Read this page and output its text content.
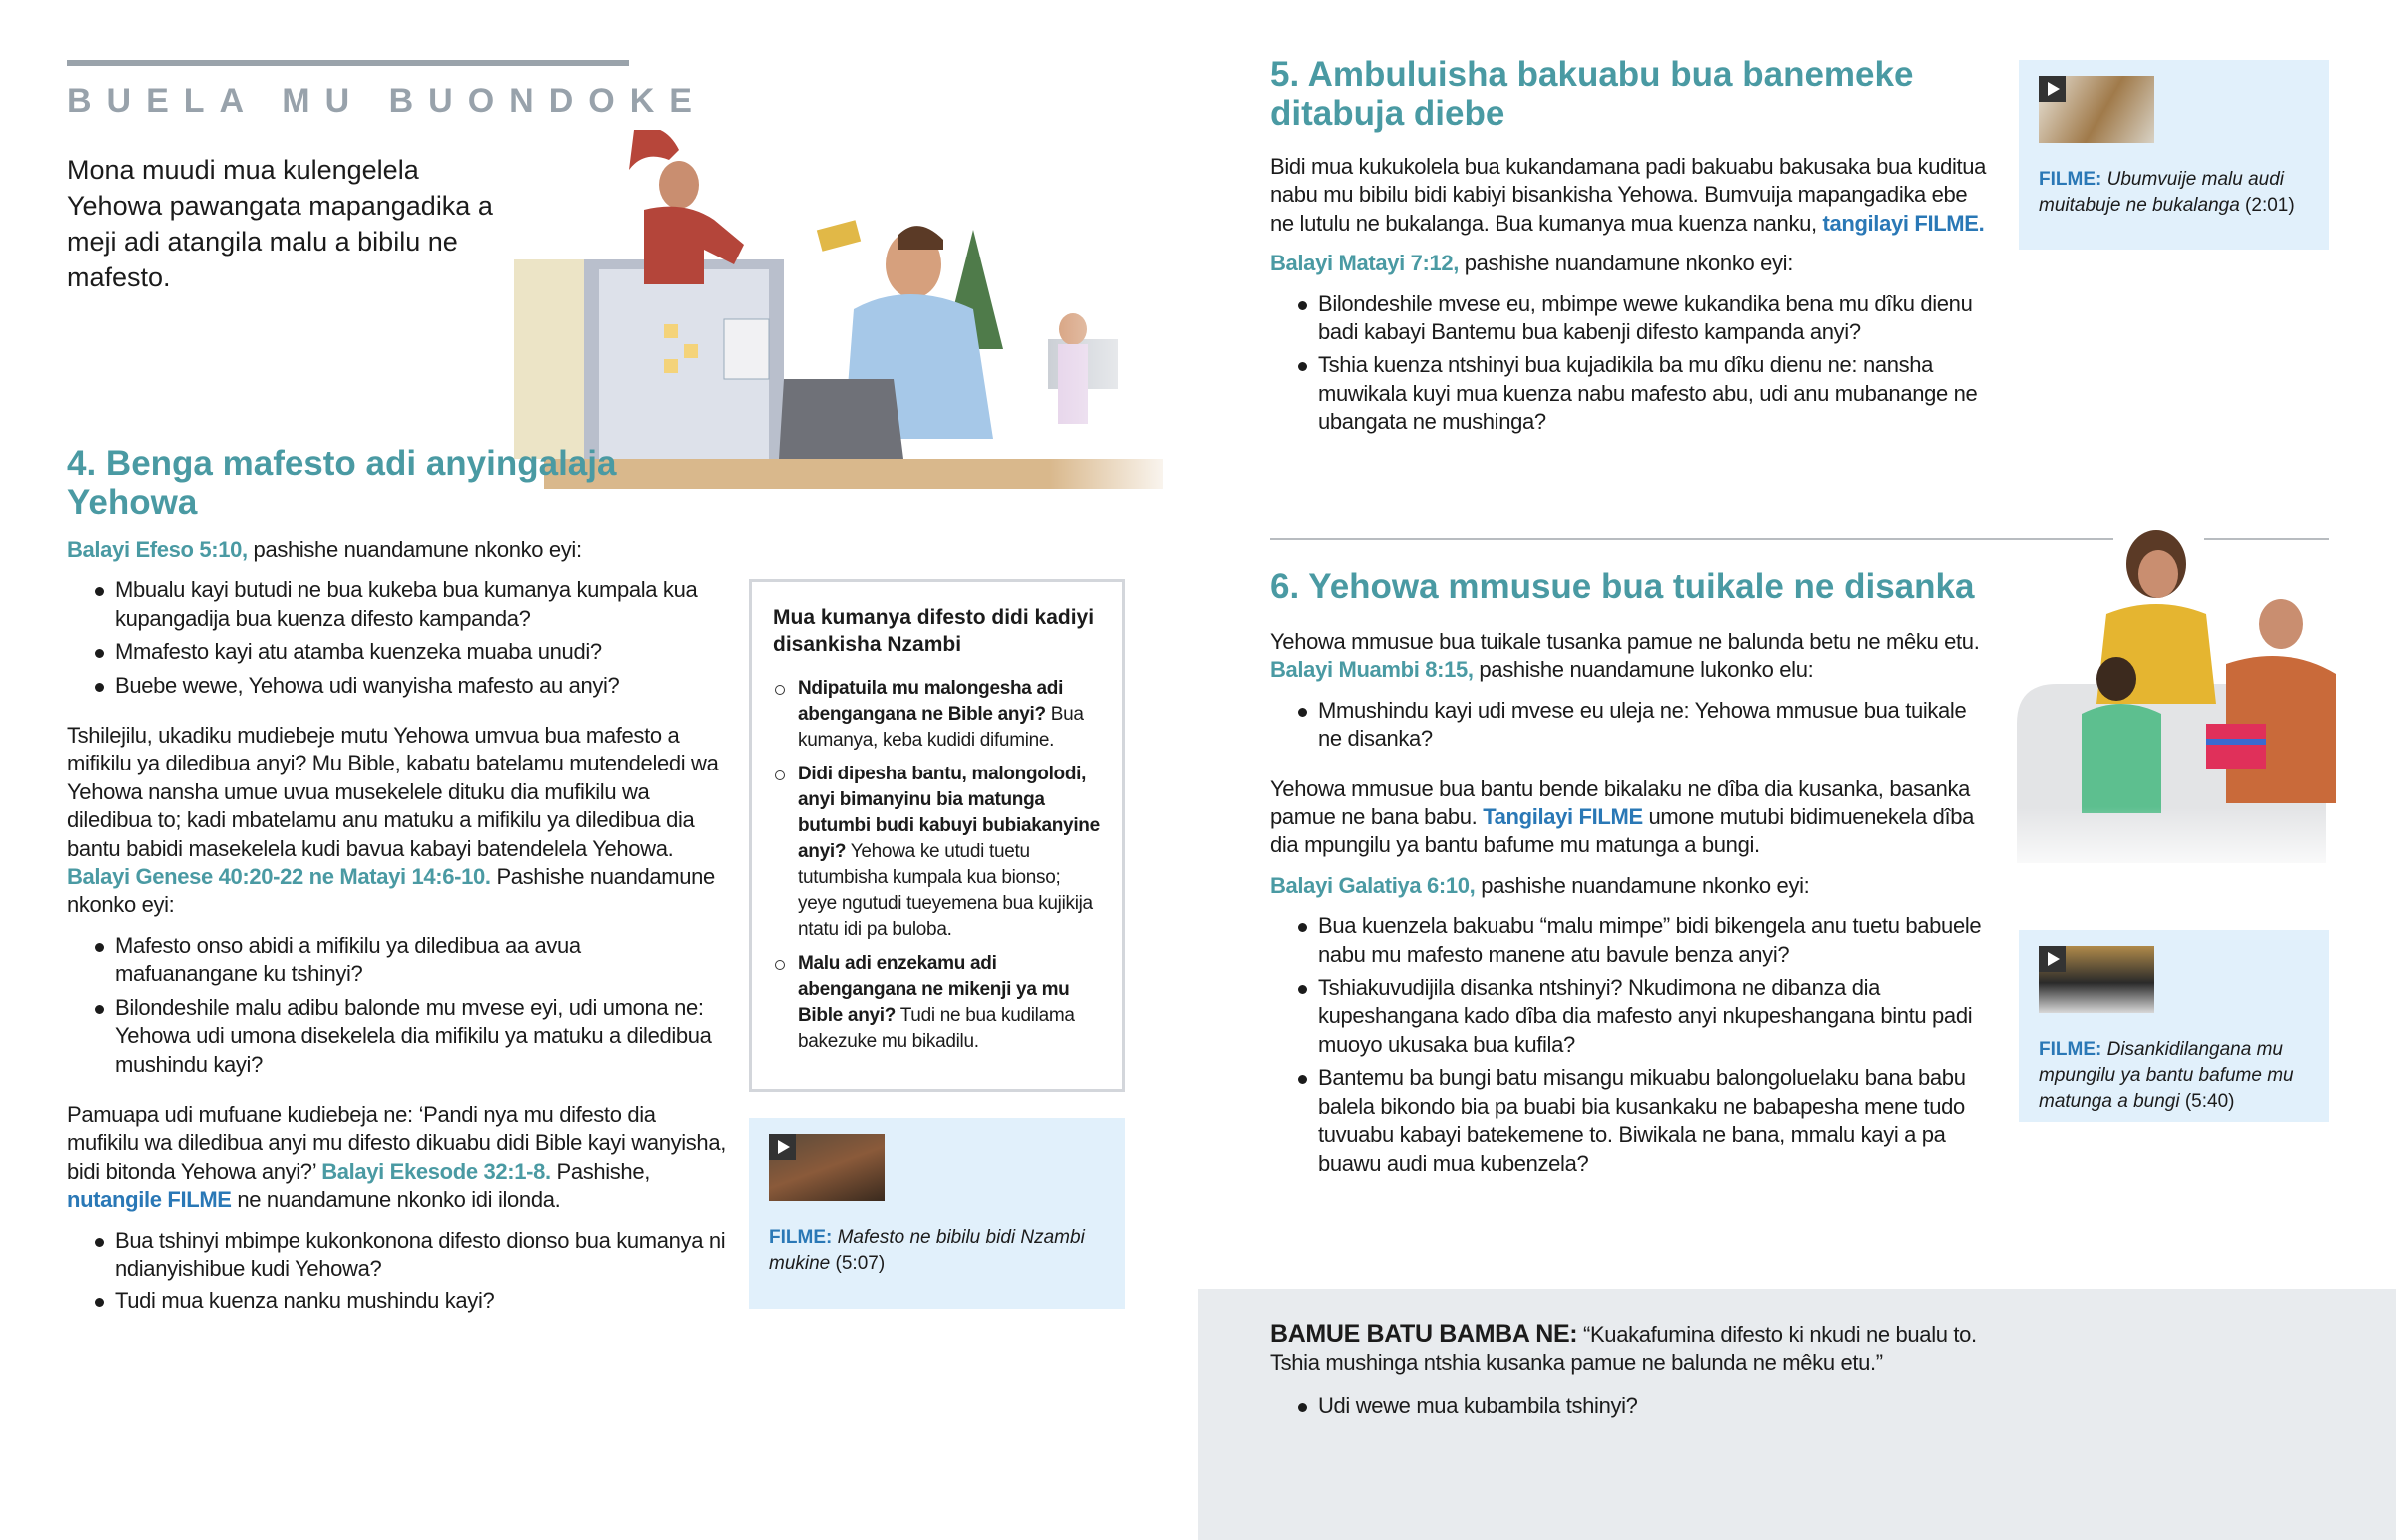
BUELA MU BUONDOKE
Mona muudi mua kulengelela Yehowa pawangata mapangadika a meji adi atangila malu a bibilu ne mafesto.
4. Benga mafesto adi anyingalaja Yehowa

Balayi Efeso 5:10, pashishe nuandamune nkonko eyi:

Mbualu kayi butudi ne bua kukeba bua kumanya kumpala kua kupangadija bua kuenza difesto kampanda?
Mmafesto kayi atu atamba kuenzeka muaba unudi?
Buebe wewe, Yehowa udi wanyisha mafesto au anyi?

Tshilejilu, ukadiku mudiebeje mutu Yehowa umvua bua mafesto a mifikilu ya diledibua anyi? Mu Bible, kabatu batelamu mutendeledi wa Yehowa nansha umue uvua musekelele dituku dia mufikilu wa diledibua to; kadi mbatelamu anu matuku a mifikilu ya diledibua dia bantu babidi masekelela kudi bavua kabayi batendelela Yehowa. Balayi Genese 40:20-22 ne Matayi 14:6-10. Pashishe nuandamune nkonko eyi:

Mafesto onso abidi a mifikilu ya diledibua aa avua mafuanangane ku tshinyi?
Bilondeshile malu adibu balonde mu mvese eyi, udi umona ne: Yehowa udi umona disekelela dia mifikilu ya matuku a diledibua mushindu kayi?

Pamuapa udi mufuane kudiebeja ne: ‘Pandi nya mu difesto dia mufikilu wa diledibua anyi mu difesto dikuabu didi Bible kayi wanyisha, bidi bitonda Yehowa anyi?’ Balayi Ekesode 32:1-8. Pashishe, nutangile FILME ne nuandamune nkonko idi ilonda.

Bua tshinyi mbimpe kukonkonona difesto dionso bua kumanya ni ndianyishibue kudi Yehowa?
Tudi mua kuenza nanku mushindu kayi?
Mua kumanya difesto didi kadiyi disankisha Nzambi
Ndipatuila mu malongesha adi abengangana ne Bible anyi? Bua kumanya, keba kudidi difumine.
Didi dipesha bantu, malongolodi, anyi bimanyinu bia matunga butumbi budi kabuyi bubiakanyine anyi? Yehowa ke utudi tuetu tutumbisha kumpala kua bionso; yeye ngutudi tueyemena bua kujikija ntatu idi pa buloba.
Malu adi enzekamu adi abengangana ne mikenji ya mu Bible anyi? Tudi ne bua kudilama bakezuke mu bikadilu.
FILME: Mafesto ne bibilu bidi Nzambi mukine (5:07)
5. Ambuluisha bakuabu bua banemeke ditabuja diebe

Bidi mua kukukolela bua kukandamana padi bakuabu bakusaka bua kuditua nabu mu bibilu bidi kabiyi bisankisha Yehowa. Bumvuija mapangadika ebe ne lutulu ne bukalanga. Bua kumanya mua kuenza nanku, tangilayi FILME.

Balayi Matayi 7:12, pashishe nuandamune nkonko eyi:

Bilondeshile mvese eu, mbimpe wewe kukandika bena mu dîku dienu badi kabayi Bantemu bua kabenji difesto kampanda anyi?
Tshia kuenza ntshinyi bua kujadikila ba mu dîku dienu ne: nansha muwikala kuyi mua kuenza nabu mafesto abu, udi anu mubanange ne ubangata ne mushinga?
FILME: Ubumvuije malu audi muitabuje ne bukalanga (2:01)
6. Yehowa mmusue bua tuikale ne disanka

Yehowa mmusue bua tuikale tusanka pamue ne balunda betu ne mêku etu. Balayi Muambi 8:15, pashishe nuandamune lukonko elu:

Mmushindu kayi udi mvese eu uleja ne: Yehowa mmusue bua tuikale ne disanka?

Yehowa mmusue bua bantu bende bikalaku ne dîba dia kusanka, basanka pamue ne bana babu. Tangilayi FILME umone mutubi bidimuenekela dîba dia mpungilu ya bantu bafume mu matunga a bungi.

Balayi Galatiya 6:10, pashishe nuandamune nkonko eyi:

Bua kuenzela bakuabu “malu mimpe” bidi bikengela anu tuetu babuele nabu mu mafesto manene atu bavule benza anyi?
Tshiakuvudijila disanka ntshinyi? Nkudimona ne dibanza dia kupeshangana kado dîba dia mafesto anyi nkupeshangana bintu padi muoyo ukusaka bua kufila?
Bantemu ba bungi batu misangu mikuabu balongoluelaku bana babu balela bikondo bia pa buabi bia kusankaku ne babapesha mene tudo tuvuabu kabayi batekemene to. Biwikala ne bana, mmalu kayi a pa buawu audi mua kubenzela?
FILME: Disankidilangana mu mpungilu ya bantu bafume mu matunga a bungi (5:40)

BAMUE BATU BAMBA NE: “Kuakafumina difesto ki nkudi ne bualu to. Tshia mushinga ntshia kusanka pamue ne balunda ne mêku etu.”

Udi wewe mua kubambila tshinyi?
